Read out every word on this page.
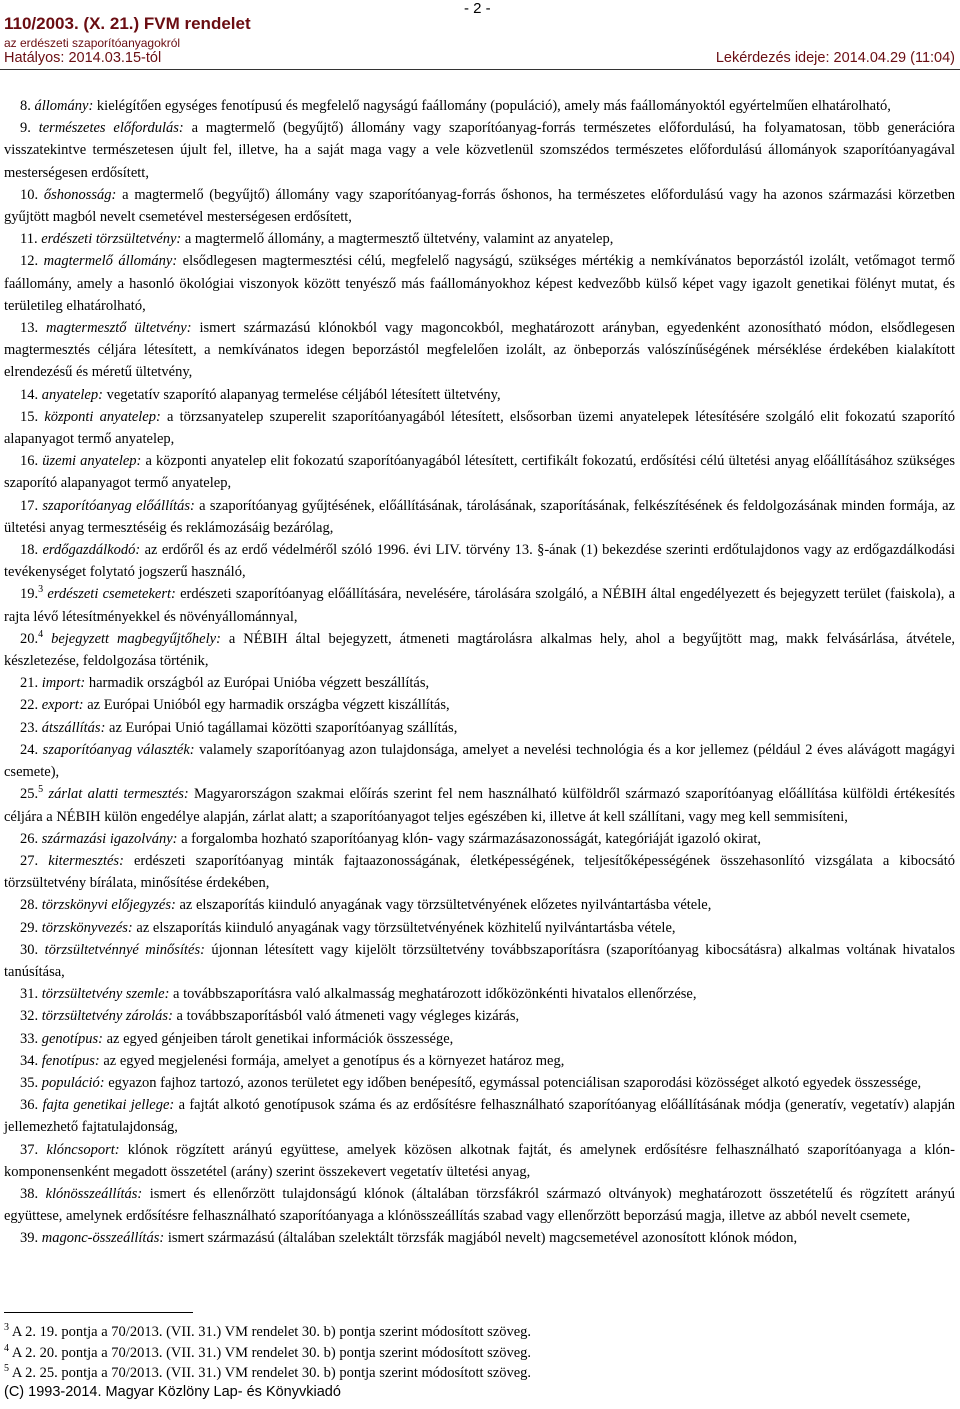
- 2 -
110/2003. (X. 21.) FVM rendelet
az erdészeti szaporítóanyagokról
Hatályos: 2014.03.15-tól	Lekérdezés ideje: 2014.04.29 (11:04)

8. állomány: kielégítően egységes fenotípusú és megfelelő nagyságú faállomány (populáció), amely más faállományoktól egyértelműen elhatárolható,

9. természetes előfordulás: a magtermelő (begyűjtő) állomány vagy szaporítóanyag-forrás természetes előfordulású, ha folyamatosan, több generációra visszatekintve természetesen újult fel, illetve, ha a saját maga vagy a vele közvetlenül szomszédos természetes előfordulású állományok szaporítóanyagával mesterségesen erdősített,

10. őshonosság: a magtermelő (begyűjtő) állomány vagy szaporítóanyag-forrás őshonos, ha természetes előfordulású vagy ha azonos származási körzetben gyűjtött magból nevelt csemetével mesterségesen erdősített,

11. erdészeti törzsültetvény: a magtermelő állomány, a magtermesztő ültetvény, valamint az anyatelep,

12. magtermelő állomány: elsődlegesen magtermesztési célú, megfelelő nagyságú, szükséges mértékig a nemkívánatos beporzástól izolált, vetőmagot termő faállomány, amely a hasonló ökológiai viszonyok között tenyésző más faállományokhoz képest kedvezőbb külső képet vagy igazolt genetikai fölényt mutat, és területileg elhatárolható,

13. magtermesztő ültetvény: ismert származású klónokból vagy magoncokból, meghatározott arányban, egyedenként azonosítható módon, elsődlegesen magtermesztés céljára létesített, a nemkívánatos idegen beporzástól megfelelően izolált, az önbeporzás valószínűségének mérséklése érdekében kialakított elrendezésű és méretű ültetvény,

14. anyatelep: vegetatív szaporító alapanyag termelése céljából létesített ültetvény,

15. központi anyatelep: a törzsanyatelep szuperelit szaporítóanyagából létesített, elsősorban üzemi anyatelepek létesítésére szolgáló elit fokozatú szaporító alapanyagot termő anyatelep,

16. üzemi anyatelep: a központi anyatelep elit fokozatú szaporítóanyagából létesített, certifikált fokozatú, erdősítési célú ültetési anyag előállításához szükséges szaporító alapanyagot termő anyatelep,

17. szaporítóanyag előállítás: a szaporítóanyag gyűjtésének, előállításának, tárolásának, szaporításának, felkészítésének és feldolgozásának minden formája, az ültetési anyag termesztéséig és reklámozásáig bezárólag,

18. erdőgazdálkodó: az erdőről és az erdő védelméről szóló 1996. évi LIV. törvény 13. §-ának (1) bekezdése szerinti erdőtulajdonos vagy az erdőgazdálkodási tevékenységet folytató jogszerű használó,

19.$^3$ erdészeti csemetekert: erdészeti szaporítóanyag előállítására, nevelésére, tárolására szolgáló, a NÉBIH által engedélyezett és bejegyzett terület (faiskola), a rajta lévő létesítményekkel és növényállománnyal,

20.$^4$ bejegyzett magbegyűjtőhely: a NÉBIH által bejegyzett, átmeneti magtárolásra alkalmas hely, ahol a begyűjtött mag, makk felvásárlása, átvétele, készletezése, feldolgozása történik,

21. import: harmadik országból az Európai Unióba végzett beszállítás,

22. export: az Európai Unióból egy harmadik országba végzett kiszállítás,

23. átszállítás: az Európai Unió tagállamai közötti szaporítóanyag szállítás,

24. szaporítóanyag választék: valamely szaporítóanyag azon tulajdonsága, amelyet a nevelési technológia és a kor jellemez (például 2 éves alávágott magágyi csemete),

25.$^5$ zárlat alatti termesztés: Magyarországon szakmai előírás szerint fel nem használható külföldről származó szaporítóanyag előállítása külföldi értékesítés céljára a NÉBIH külön engedélye alapján, zárlat alatt; a szaporítóanyagot teljes egészében ki, illetve át kell szállítani, vagy meg kell semmisíteni,

26. származási igazolvány: a forgalomba hozható szaporítóanyag klón- vagy származásazonosságát, kategóriáját igazoló okirat,

27. kitermesztés: erdészeti szaporítóanyag minták fajtaazonosságának, életképességének, teljesítőképességének összehasonlító vizsgálata a kibocsátó törzsültetvény bírálata, minősítése érdekében,

28. törzskönyvi előjegyzés: az elszaporítás kiinduló anyagának vagy törzsültetvényének előzetes nyilvántartásba vétele,

29. törzskönyvezés: az elszaporítás kiinduló anyagának vagy törzsültetvényének közhitelű nyilvántartásba vétele,

30. törzsültetvénnyé minősítés: újonnan létesített vagy kijelölt törzsültetvény továbbszaporításra (szaporítóanyag kibocsátásra) alkalmas voltának hivatalos tanúsítása,

31. törzsültetvény szemle: a továbbszaporításra való alkalmasság meghatározott időközönkénti hivatalos ellenőrzése,

32. törzsültetvény zárolás: a továbbszaporításból való átmeneti vagy végleges kizárás,

33. genotípus: az egyed génjeiben tárolt genetikai információk összessége,

34. fenotípus: az egyed megjelenési formája, amelyet a genotípus és a környezet határoz meg,

35. populáció: egyazon fajhoz tartozó, azonos területet egy időben benépesítő, egymással potenciálisan szaporodási közösséget alkotó egyedek összessége,

36. fajta genetikai jellege: a fajtát alkotó genotípusok száma és az erdősítésre felhasználható szaporítóanyag előállításának módja (generatív, vegetatív) alapján jellemezhető fajtatulajdonság,

37. klóncsoport: klónok rögzített arányú együttese, amelyek közösen alkotnak fajtát, és amelynek erdősítésre felhasználható szaporítóanyaga a klón-komponensenként megadott összetétel (arány) szerint összekevert vegetatív ültetési anyag,

38. klónösszeállítás: ismert és ellenőrzött tulajdonságú klónok (általában törzsfákról származó oltványok) meghatározott összetételű és rögzített arányú együttese, amelynek erdősítésre felhasználható szaporítóanyaga a klónösszeállítás szabad vagy ellenőrzött beporzású magja, illetve az abból nevelt csemete,

39. magonc-összeállítás: ismert származású (általában szelektált törzsfák magjából nevelt) magcsemetével azonosított klónok módon,

$^3$ A 2. 19. pontja a 70/2013. (VII. 31.) VM rendelet 30. b) pontja szerint módosított szöveg.

$^4$ A 2. 20. pontja a 70/2013. (VII. 31.) VM rendelet 30. b) pontja szerint módosított szöveg.

$^5$ A 2. 25. pontja a 70/2013. (VII. 31.) VM rendelet 30. b) pontja szerint módosított szöveg.

(C) 1993-2014. Magyar Közlöny Lap- és Könyvkiadó
